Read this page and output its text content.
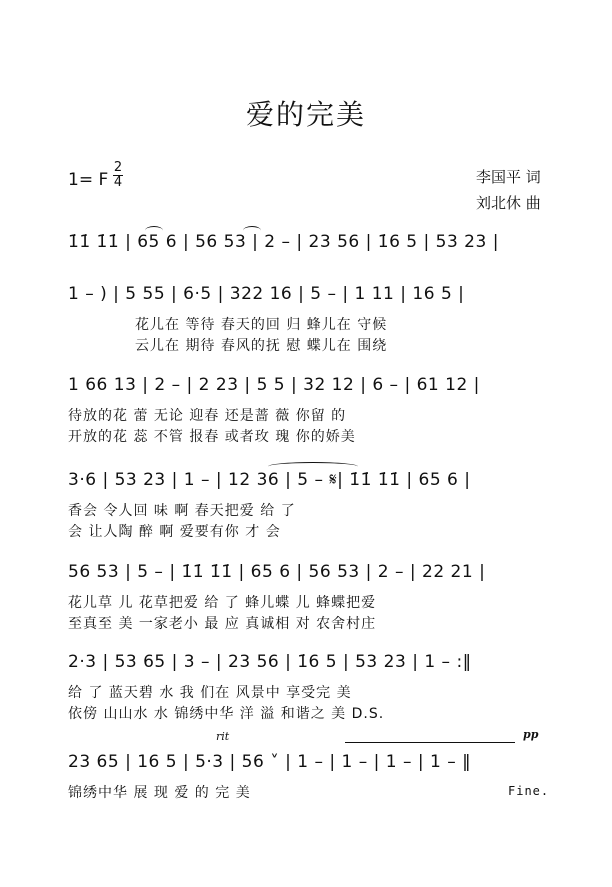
爱的完美
1= F
2
4	李国平 词
刘北休 曲
1̇1̇ 1̇1̇ | 65 6 | 56 53 | 2 – | 23 56 | 1̇6 5 | 53 23 |
1 – ) | 5 55 | 6·5 | 322 16 | 5 – | 1 11 | 16 5 |
花儿在 等待 春天的回 归 蜂儿在 守候
云儿在 期待 春风的抚 慰 蝶儿在 围绕
1 66 13 | 2 – | 2 23 | 5 5 | 32 12 | 6 – | 61 12 |
待放的花 蕾 无论 迎春 还是蔷 薇 你留 的
开放的花 蕊 不管 报春 或者玫 瑰 你的娇美
3·6 | 53 23 | 1 – | 12 36 | 5 – 𝄋| 1̇1̇ 1̇1̇ | 65 6 |
香会 令人回 味 啊 春天把爱 给 了
会 让人陶 醉 啊 爱要有你 才 会
56 53 | 5 – | 1̇1̇ 1̇1̇ | 65 6 | 56 53 | 2 – | 22 21 |
花儿草 儿 花草把爱 给 了 蜂儿蝶 儿 蜂蝶把爱
至真至 美 一家老小 最 应 真诚相 对 农舍村庄
2·3 | 53 65 | 3 – | 23 56 | 1̇6 5 | 53 23 | 1 – :‖
给 了 蓝天碧 水 我 们在 风景中 享受完 美
依傍 山山水 水 锦绣中华 洋 溢 和谐之 美 D.S.
rit	pp
23 65 | 16 5 | 5·3 | 56 ˅ | 1 – | 1 – | 1 – | 1 – ‖
锦绣中华 展 现 爱 的 完 美	Fine.
